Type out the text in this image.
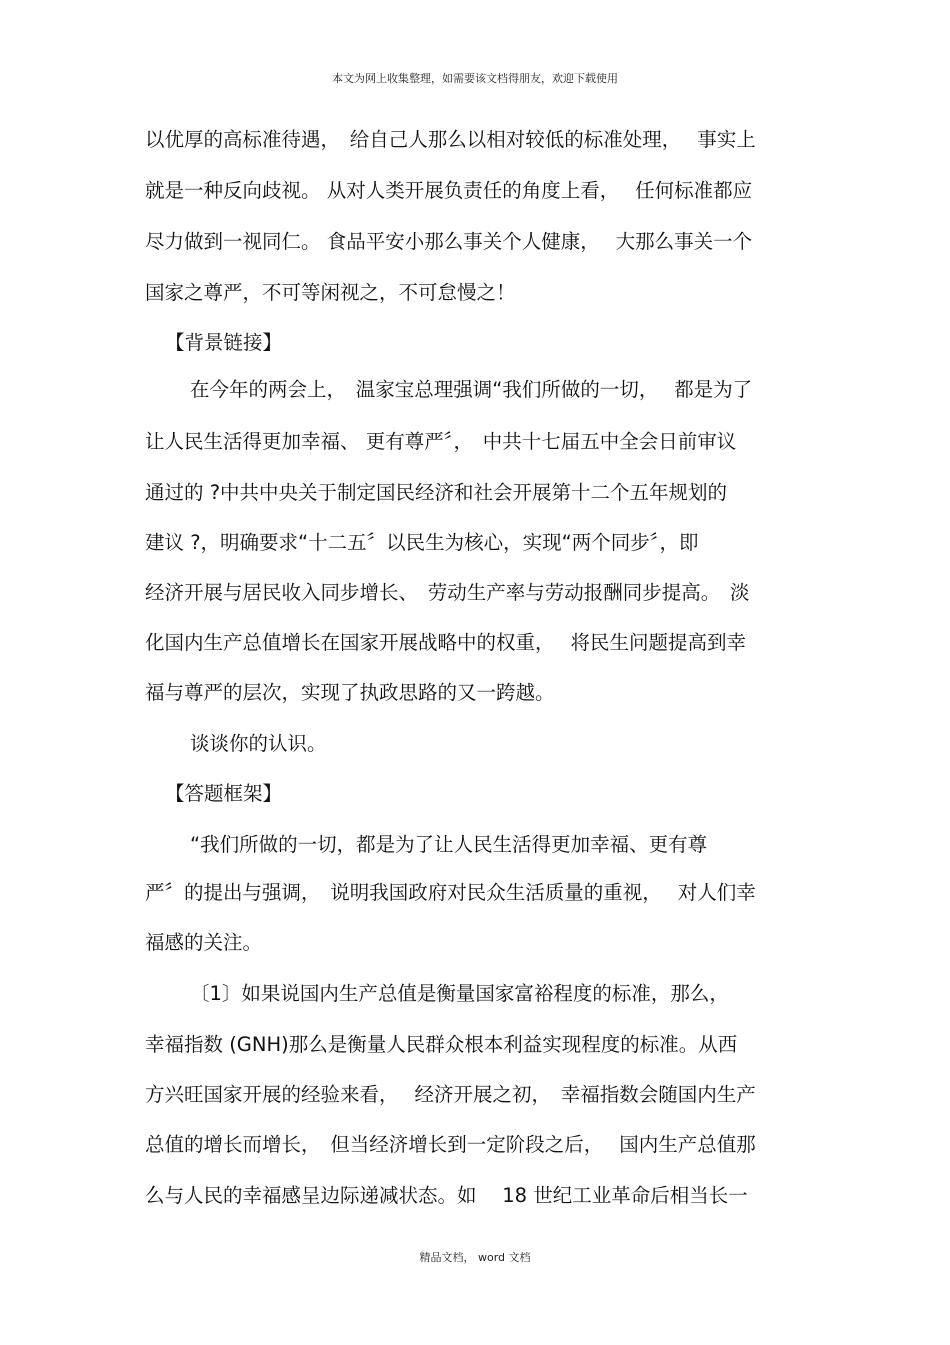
本文为网上收集整理，如需要该文档得朋友，欢迎下载使用
以优厚的高标准待遇，　给自己人那么以相对较低的标准处理，　 事实上
就是一种反向歧视。 从对人类开展负责任的角度上看，　 任何标准都应
尽力做到一视同仁。 食品平安小那么事关个人健康，　 大那么事关一个
国家之尊严，不可等闲视之，不可怠慢之！
【背景链接】
在今年的两会上，　温家宝总理强调“我们所做的一切，　 都是为了
让人民生活得更加幸福、 更有尊严〞，　中共十七届五中全会日前审议
通过的 ?中共中央关于制定国民经济和社会开展第十二个五年规划的
建议 ?，明确要求“十二五〞以民生为核心，实现“两个同步〞，即
经济开展与居民收入同步增长、　劳动生产率与劳动报酬同步提高。　淡
化国内生产总值增长在国家开展战略中的权重，　 将民生问题提高到幸
福与尊严的层次，实现了执政思路的又一跨越。
谈谈你的认识。
【答题框架】
“我们所做的一切，都是为了让人民生活得更加幸福、更有尊
严〞的提出与强调，　说明我国政府对民众生活质量的重视，　 对人们幸
福感的关注。
〔1〕如果说国内生产总值是衡量国家富裕程度的标准，那么，
幸福指数 (GNH)那么是衡量人民群众根本利益实现程度的标准。从西
方兴旺国家开展的经验来看，　 经济开展之初，　幸福指数会随国内生产
总值的增长而增长，　但当经济增长到一定阶段之后，　 国内生产总值那
么与人民的幸福感呈边际递减状态。如　 18 世纪工业革命后相当长一
精品文档， word 文档
